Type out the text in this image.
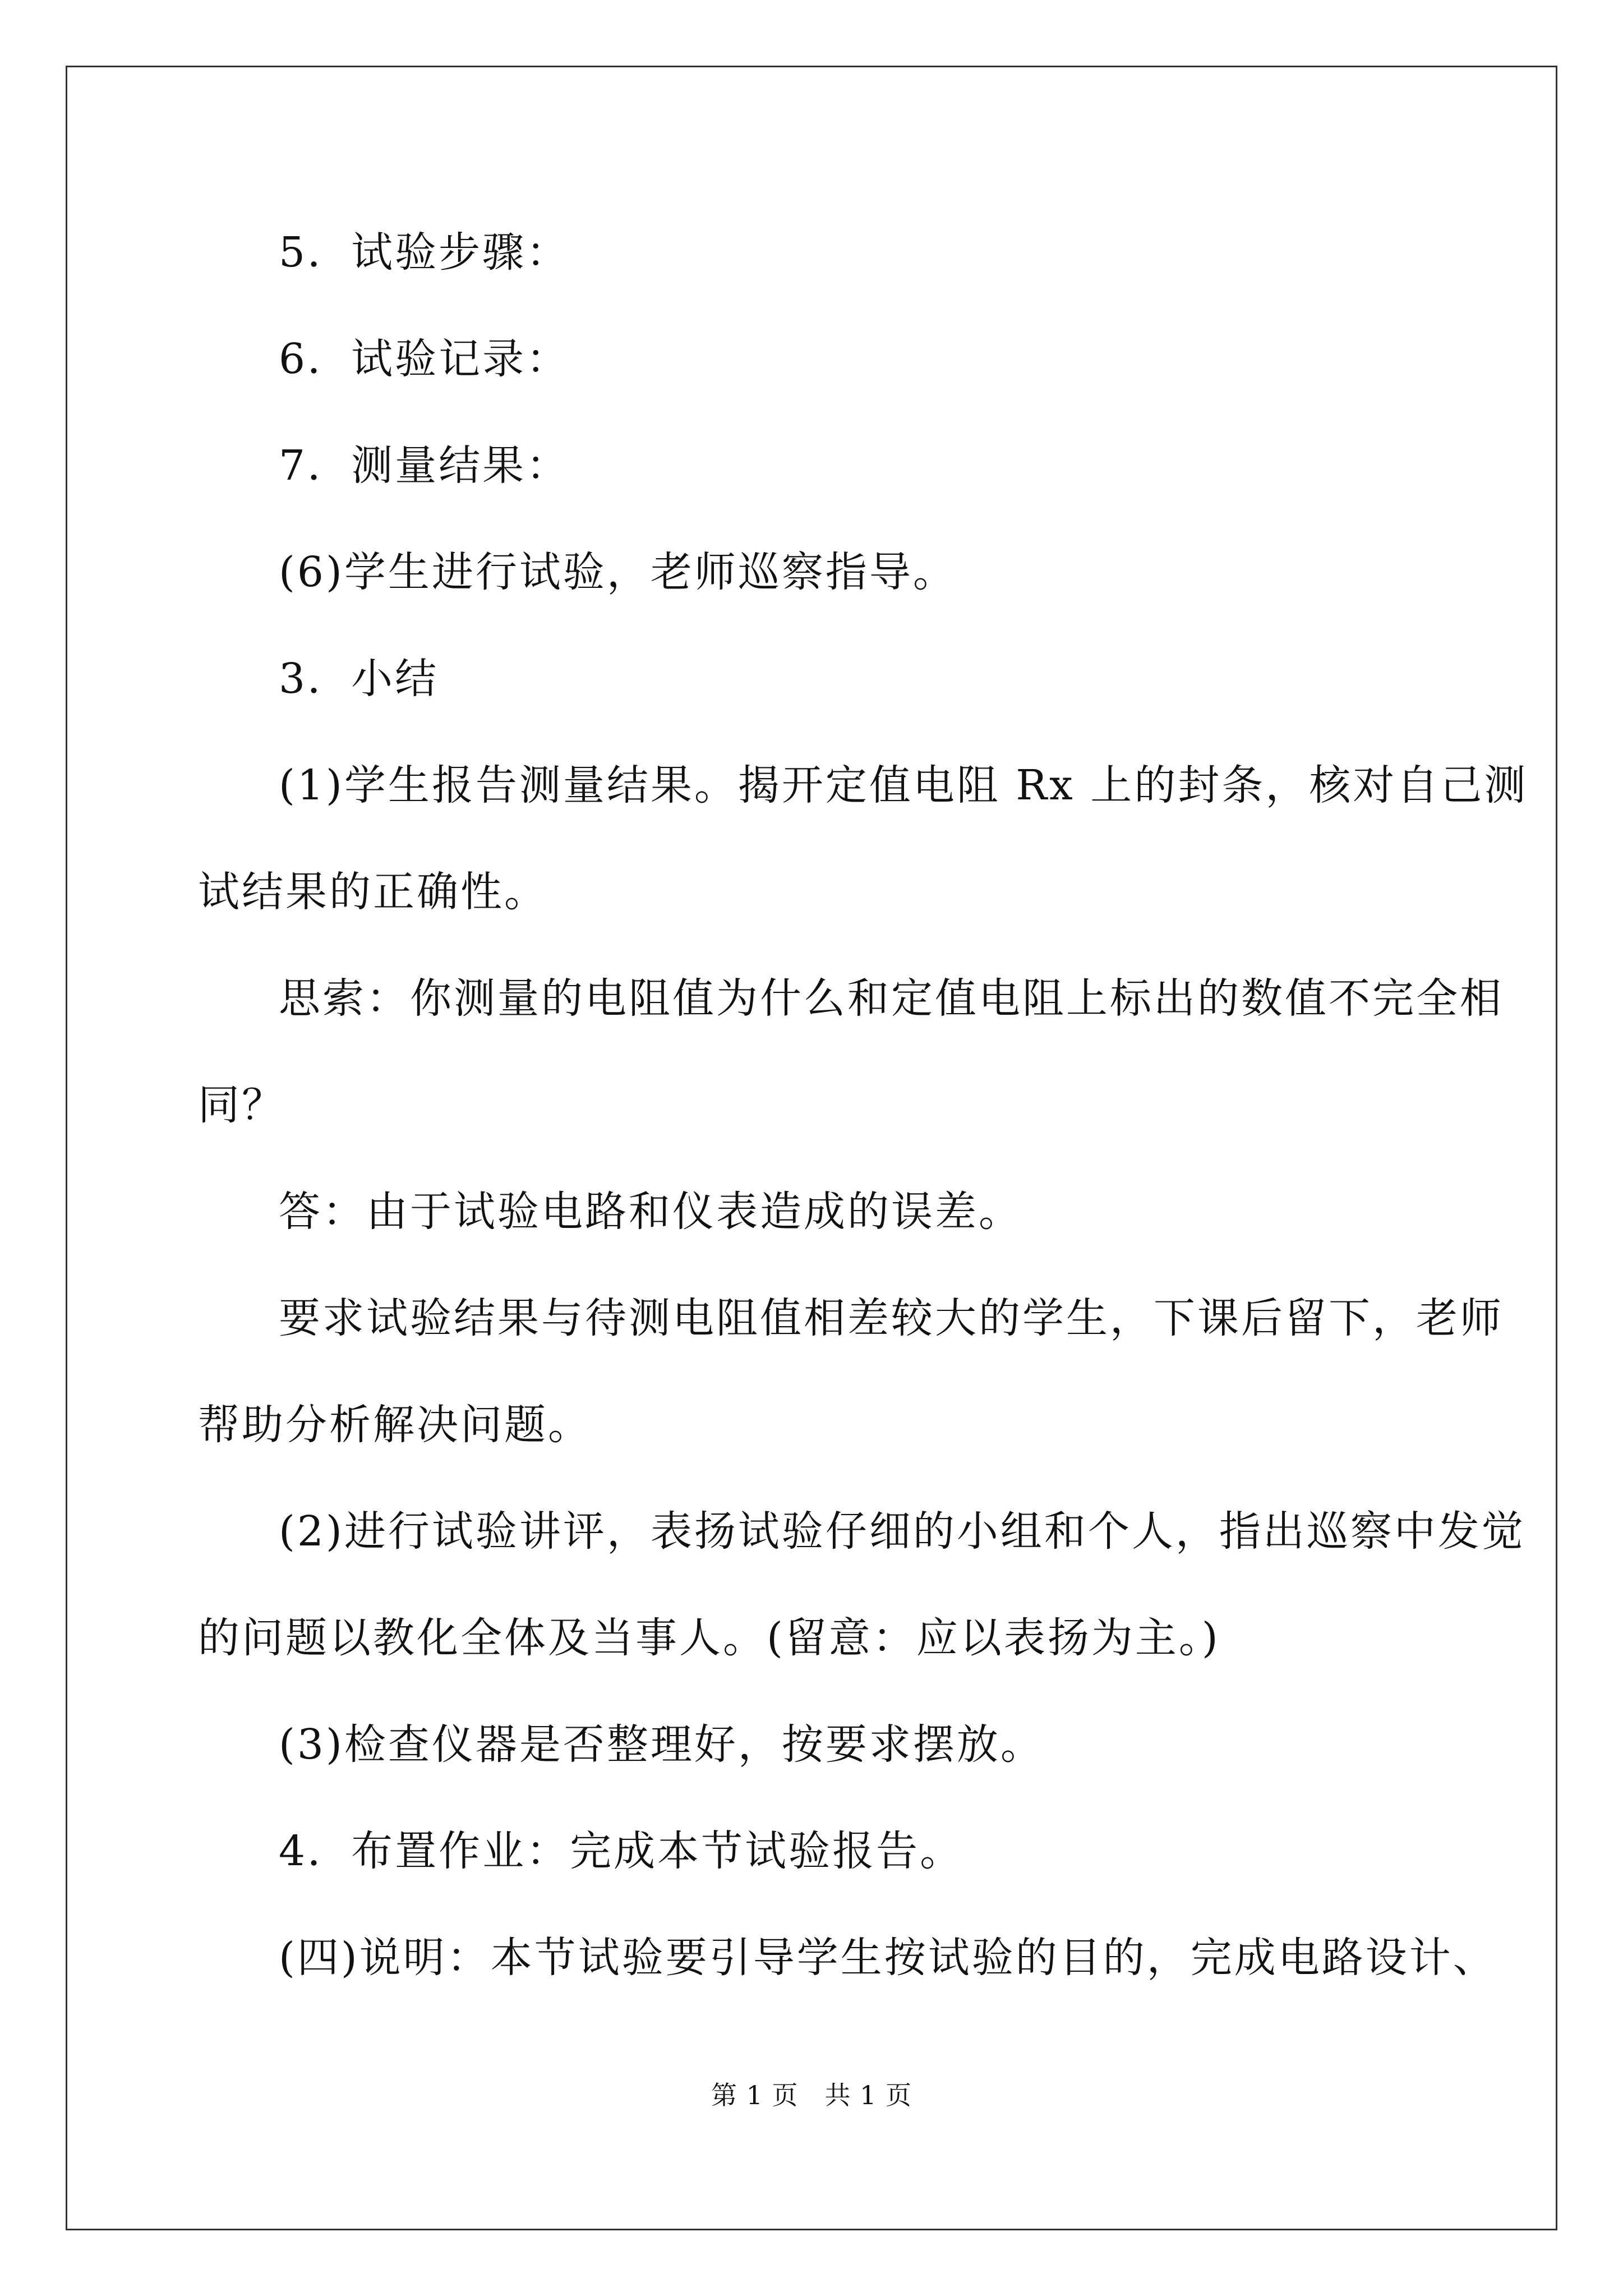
5．试验步骤：
6．试验记录：
7．测量结果：
(6)学生进行试验，老师巡察指导。
3．小结
(1)学生报告测量结果。揭开定值电阻 Rx 上的封条，核对自己测
试结果的正确性。
思索：你测量的电阻值为什么和定值电阻上标出的数值不完全相
同？
答：由于试验电路和仪表造成的误差。
要求试验结果与待测电阻值相差较大的学生，下课后留下，老师
帮助分析解决问题。
(2)进行试验讲评，表扬试验仔细的小组和个人，指出巡察中发觉
的问题以教化全体及当事人。(留意：应以表扬为主。)
(3)检查仪器是否整理好，按要求摆放。
4．布置作业：完成本节试验报告。
(四)说明：本节试验要引导学生按试验的目的，完成电路设计、
第 1 页　共 1 页
